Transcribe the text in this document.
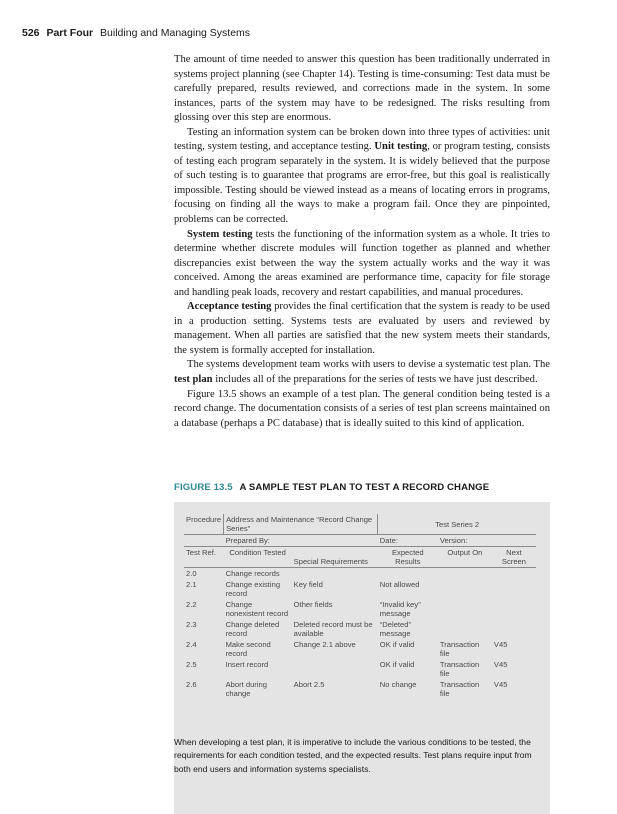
526 Part Four Building and Managing Systems

The amount of time needed to answer this question has been traditionally underrated in systems project planning (see Chapter 14). Testing is time-consuming: Test data must be carefully prepared, results reviewed, and corrections made in the system. In some instances, parts of the system may have to be redesigned. The risks resulting from glossing over this step are enormous.

Testing an information system can be broken down into three types of activities: unit testing, system testing, and acceptance testing. Unit testing, or program testing, consists of testing each program separately in the system. It is widely believed that the purpose of such testing is to guarantee that programs are error-free, but this goal is realistically impossible. Testing should be viewed instead as a means of locating errors in programs, focusing on finding all the ways to make a program fail. Once they are pinpointed, problems can be corrected.

System testing tests the functioning of the information system as a whole. It tries to determine whether discrete modules will function together as planned and whether discrepancies exist between the way the system actually works and the way it was conceived. Among the areas examined are performance time, capacity for file storage and handling peak loads, recovery and restart capabilities, and manual procedures.

Acceptance testing provides the final certification that the system is ready to be used in a production setting. Systems tests are evaluated by users and reviewed by management. When all parties are satisfied that the new system meets their standards, the system is formally accepted for installation.

The systems development team works with users to devise a systematic test plan. The test plan includes all of the preparations for the series of tests we have just described.

Figure 13.5 shows an example of a test plan. The general condition being tested is a record change. The documentation consists of a series of test plan screens maintained on a database (perhaps a PC database) that is ideally suited to this kind of application.

FIGURE 13.5 A SAMPLE TEST PLAN TO TEST A RECORD CHANGE
Procedure	Address and Maintenance “Record Change Series”		Test Series 2		
	Prepared By:		Date:	Version:	
Test Ref.	Condition Tested	Special Requirements	Expected Results	Output On	Next Screen
2.0	Change records				
2.1	Change existing record	Key field	Not allowed		
2.2	Change nonexistent record	Other fields	“Invalid key” message		
2.3	Change deleted record	Deleted record must be available	“Deleted” message		
2.4	Make second record	Change 2.1 above	OK if valid	Transaction file	V45
2.5	Insert record		OK if valid	Transaction file	V45
2.6	Abort during change	Abort 2.5	No change	Transaction file	V45
When developing a test plan, it is imperative to include the various conditions to be tested, the requirements for each condition tested, and the expected results. Test plans require input from both end users and information systems specialists.
